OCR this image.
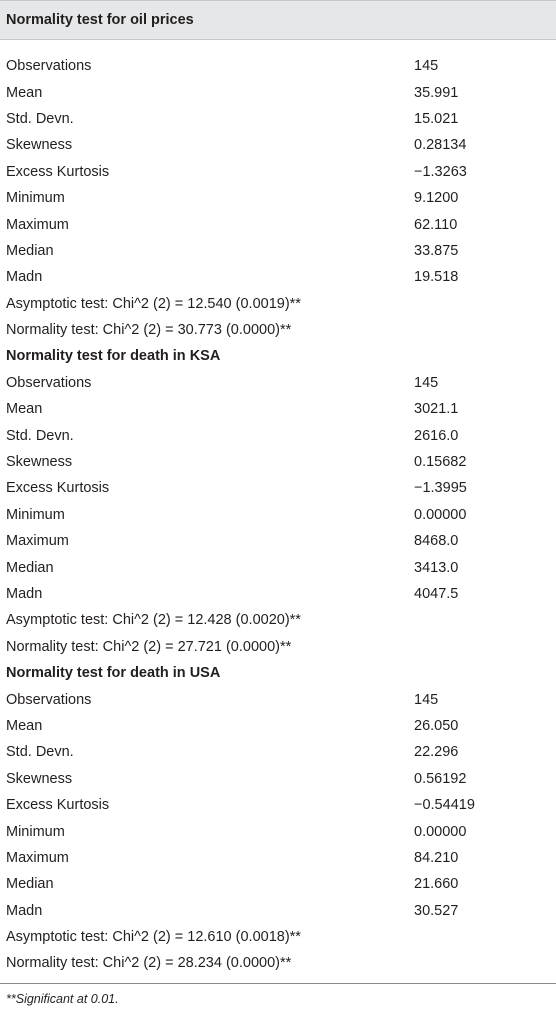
Normality test for oil prices
Observations	145
Mean	35.991
Std. Devn.	15.021
Skewness	0.28134
Excess Kurtosis	−1.3263
Minimum	9.1200
Maximum	62.110
Median	33.875
Madn	19.518
Asymptotic test: Chi^2 (2) = 12.540 (0.0019)**
Normality test: Chi^2 (2) = 30.773 (0.0000)**
Normality test for death in KSA
Observations	145
Mean	3021.1
Std. Devn.	2616.0
Skewness	0.15682
Excess Kurtosis	−1.3995
Minimum	0.00000
Maximum	8468.0
Median	3413.0
Madn	4047.5
Asymptotic test: Chi^2 (2) = 12.428 (0.0020)**
Normality test: Chi^2 (2) = 27.721 (0.0000)**
Normality test for death in USA
Observations	145
Mean	26.050
Std. Devn.	22.296
Skewness	0.56192
Excess Kurtosis	−0.54419
Minimum	0.00000
Maximum	84.210
Median	21.660
Madn	30.527
Asymptotic test: Chi^2 (2) = 12.610 (0.0018)**
Normality test: Chi^2 (2) = 28.234 (0.0000)**
**Significant at 0.01.
